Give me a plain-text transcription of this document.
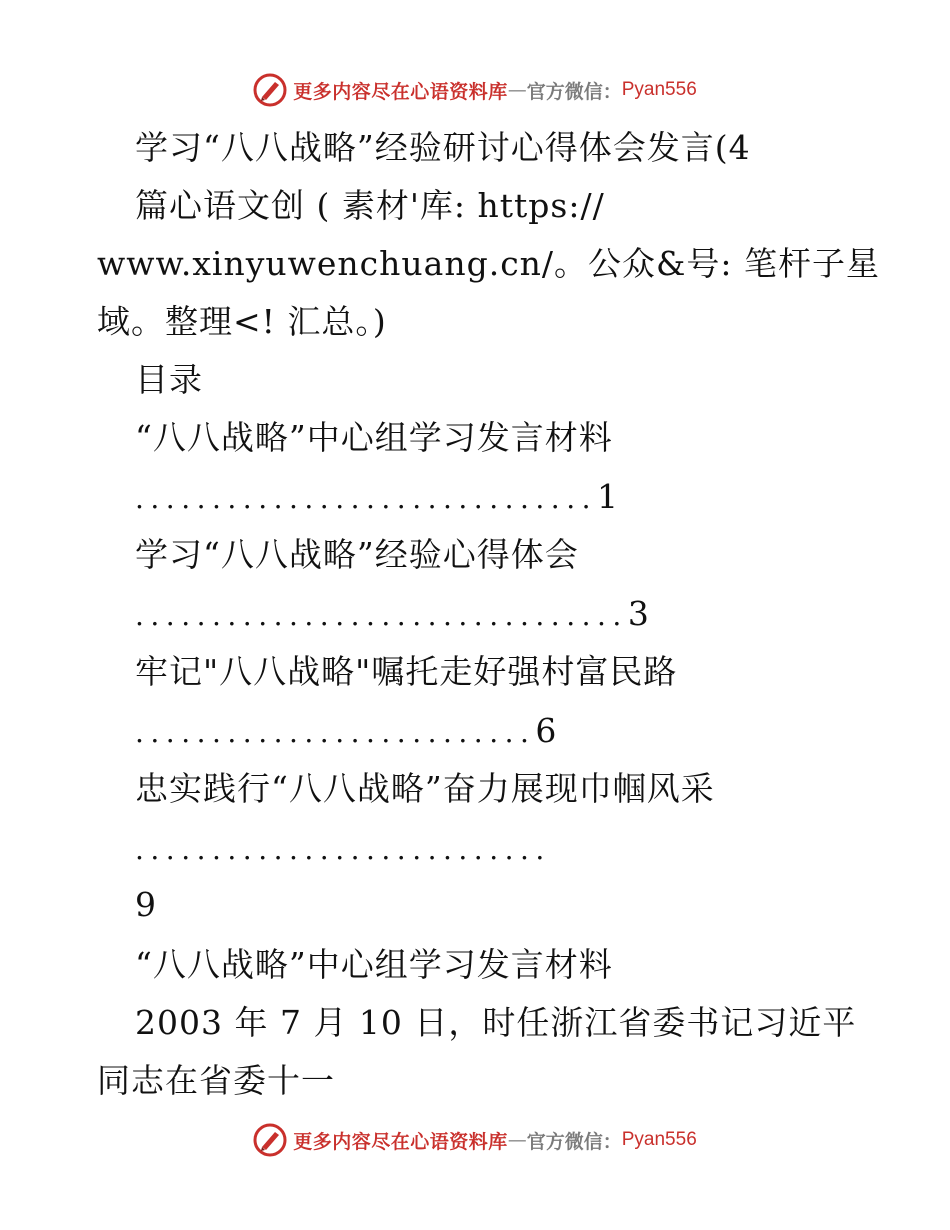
更多内容尽在心语资料库 — 官方微信： Pyan556
学习“八八战略”经验研讨心得体会发言(4
篇心语文创 ( 素材'库: https://
www.xinyuwenchuang.cn/。公众&号: 笔杆子星
域。整理<! 汇总。)
目录
“八八战略”中心组学习发言材料
..............................1
学习“八八战略”经验心得体会
................................3
牢记"八八战略"嘱托走好强村富民路
..........................6
忠实践行“八八战略”奋力展现巾帼风采
...........................
9
“八八战略”中心组学习发言材料
2003 年 7 月 10 日，时任浙江省委书记习近平
同志在省委十一
更多内容尽在心语资料库 — 官方微信： Pyan556
